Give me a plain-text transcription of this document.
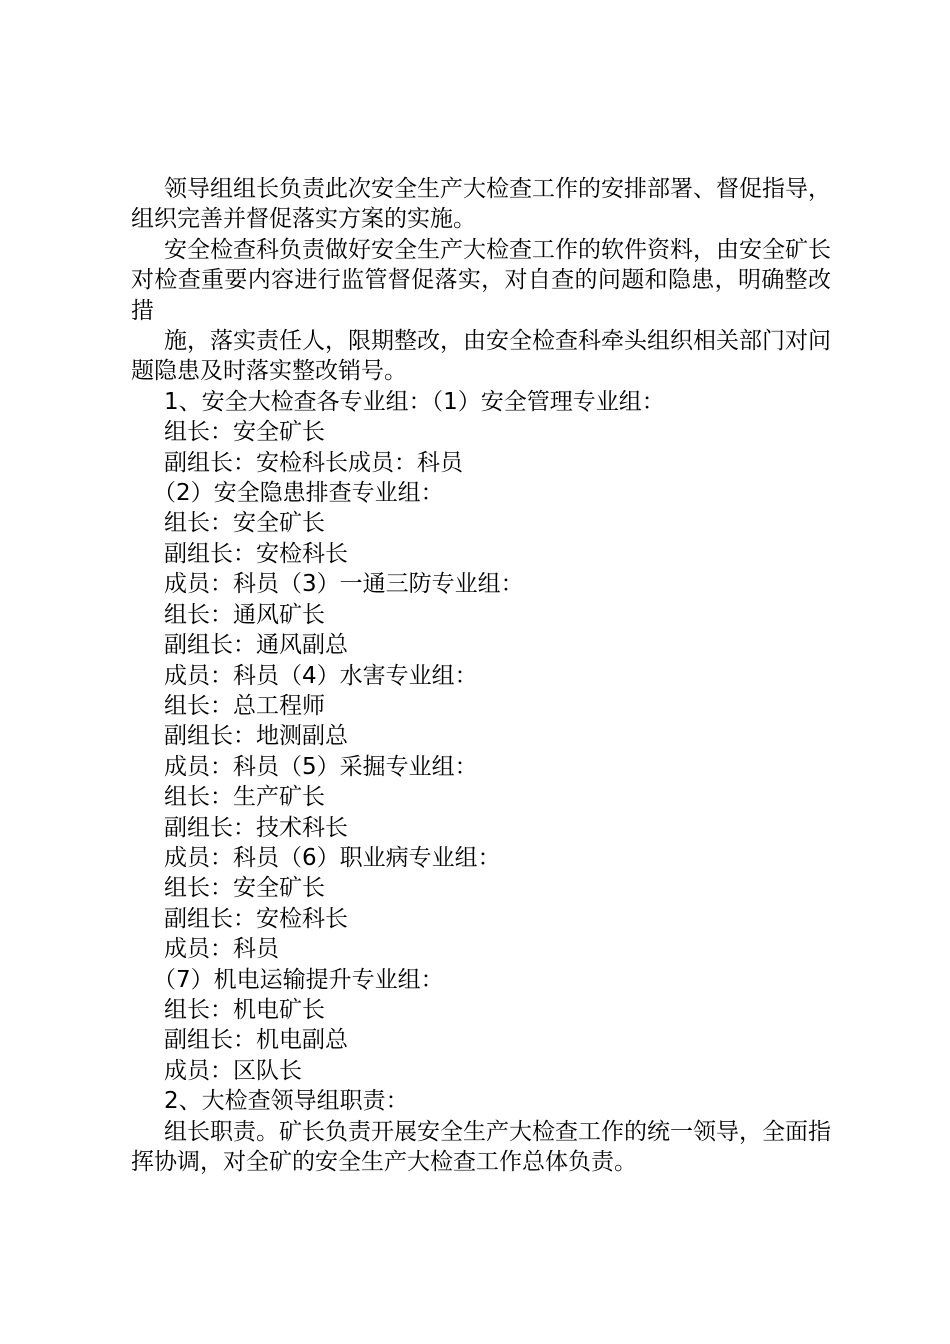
领导组组长负责此次安全生产大检查工作的安排部署、督促指导，组织完善并督促落实方案的实施。

安全检查科负责做好安全生产大检查工作的软件资料，由安全矿长对检查重要内容进行监管督促落实，对自查的问题和隐患，明确整改措

施，落实责任人，限期整改，由安全检查科牵头组织相关部门对问题隐患及时落实整改销号。

1、安全大检查各专业组：（1）安全管理专业组：

组长：安全矿长

副组长：安检科长成员：科员

（2）安全隐患排查专业组：

组长：安全矿长

副组长：安检科长

成员：科员（3）一通三防专业组：

组长：通风矿长

副组长：通风副总

成员：科员（4）水害专业组：

组长：总工程师

副组长：地测副总

成员：科员（5）采掘专业组：

组长：生产矿长

副组长：技术科长

成员：科员（6）职业病专业组：

组长：安全矿长

副组长：安检科长

成员：科员

（7）机电运输提升专业组：

组长：机电矿长

副组长：机电副总

成员：区队长

2、大检查领导组职责：

组长职责。矿长负责开展安全生产大检查工作的统一领导，全面指挥协调，对全矿的安全生产大检查工作总体负责。
